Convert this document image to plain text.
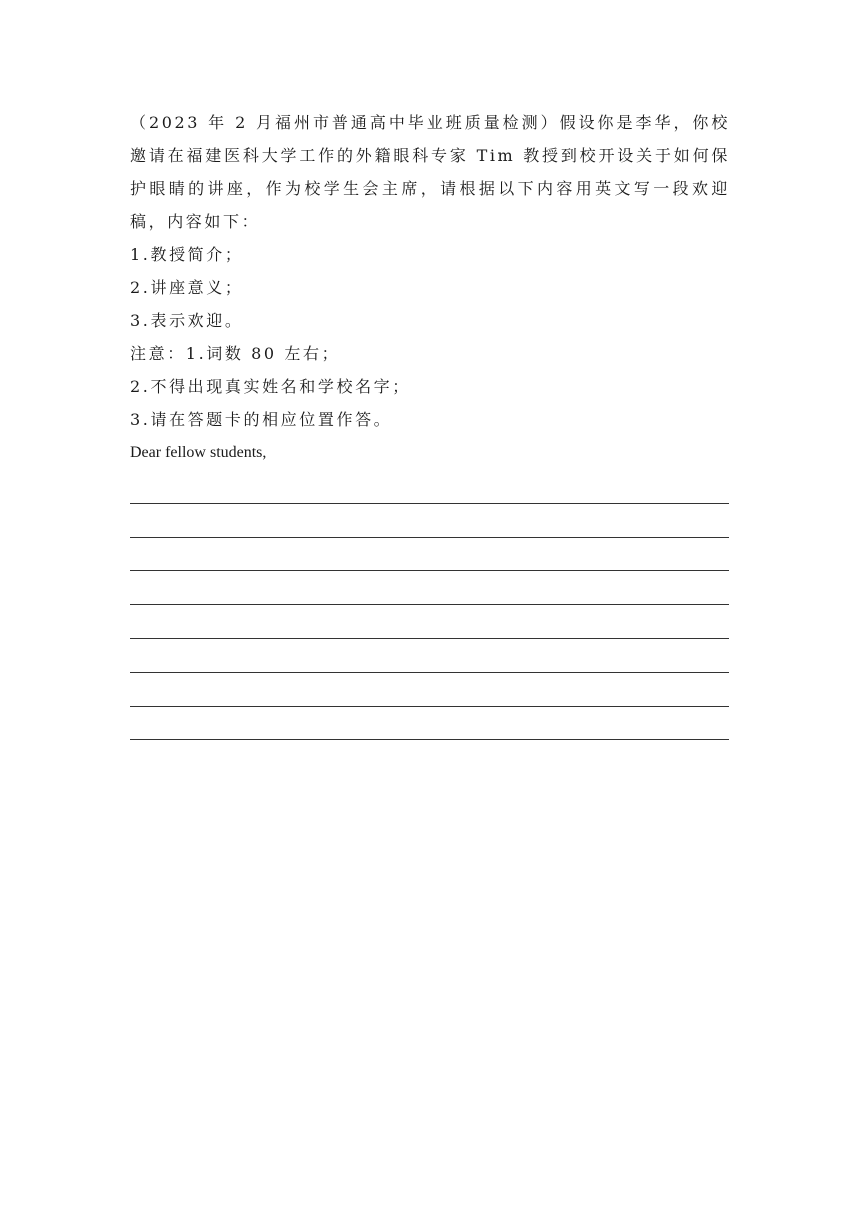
（2023 年 2 月福州市普通高中毕业班质量检测）假设你是李华，你校邀请在福建医科大学工作的外籍眼科专家 Tim 教授到校开设关于如何保护眼睛的讲座，作为校学生会主席，请根据以下内容用英文写一段欢迎稿，内容如下：

1.教授简介；

2.讲座意义；

3.表示欢迎。

注意：1.词数 80 左右；

2.不得出现真实姓名和学校名字；

3.请在答题卡的相应位置作答。

Dear fellow students,
